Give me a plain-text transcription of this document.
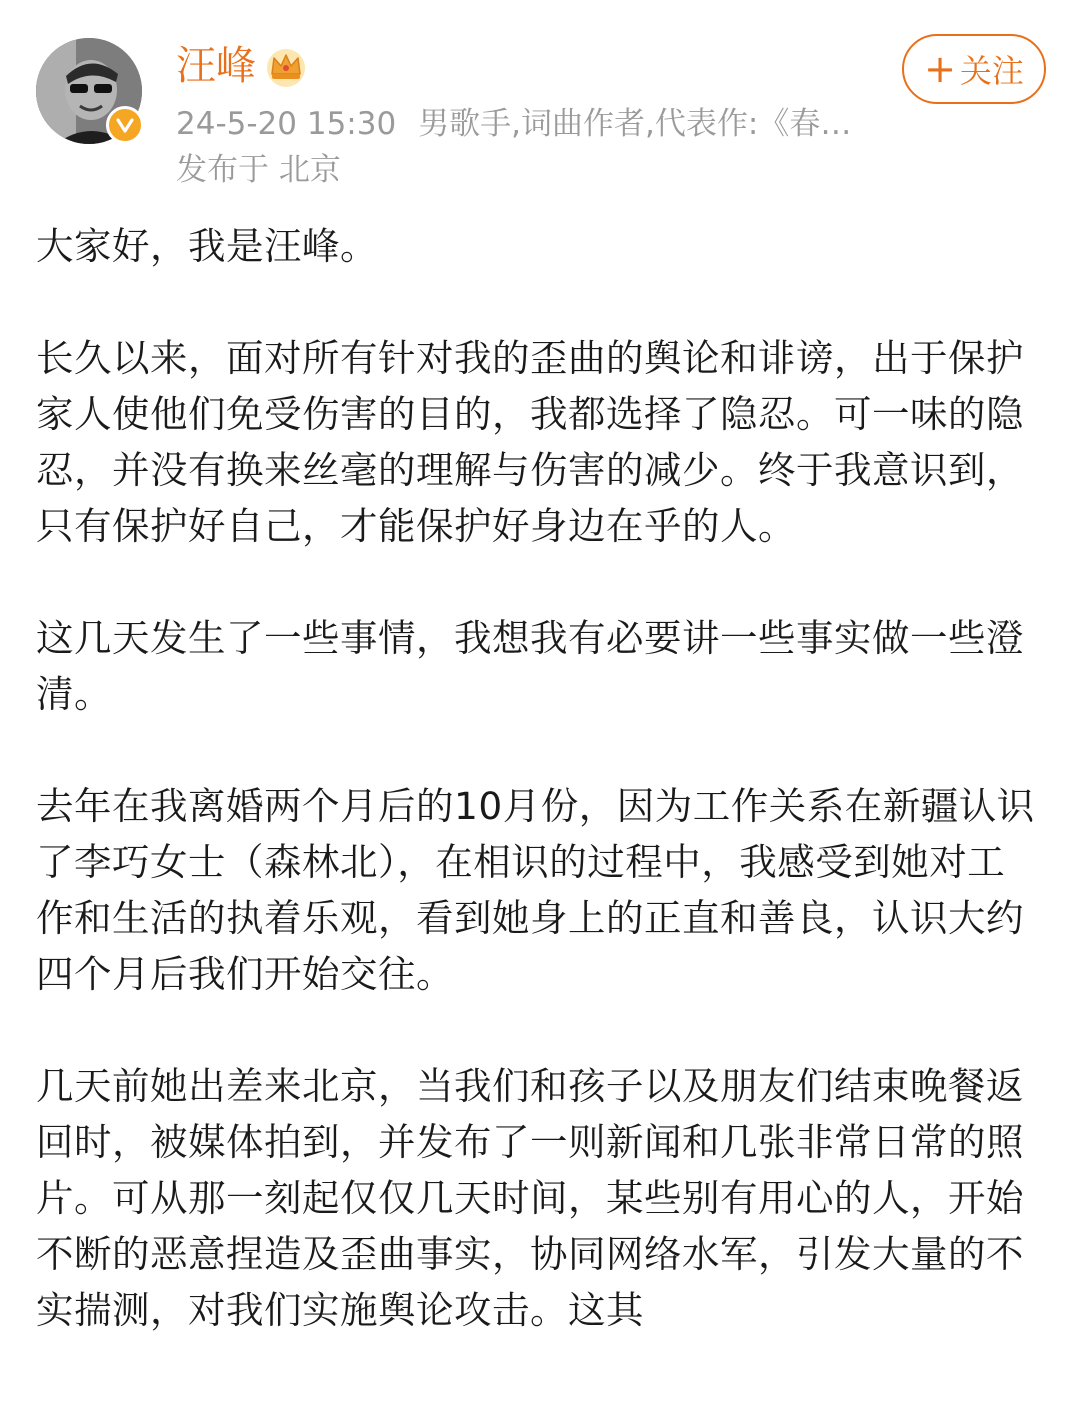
汪峰
24-5-20 15:30 男歌手,词曲作者,代表作:《春…
发布于 北京
+ 关注

大家好，我是汪峰。

长久以来，面对所有针对我的歪曲的舆论和诽谤，出于保护家人使他们免受伤害的目的，我都选择了隐忍。可一味的隐忍，并没有换来丝毫的理解与伤害的减少。终于我意识到，只有保护好自己，才能保护好身边在乎的人。

这几天发生了一些事情，我想我有必要讲一些事实做一些澄清。

去年在我离婚两个月后的10月份，因为工作关系在新疆认识了李巧女士（森林北），在相识的过程中，我感受到她对工作和生活的执着乐观，看到她身上的正直和善良，认识大约四个月后我们开始交往。

几天前她出差来北京，当我们和孩子以及朋友们结束晚餐返回时，被媒体拍到，并发布了一则新闻和几张非常日常的照片。可从那一刻起仅仅几天时间，某些别有用心的人，开始不断的恶意捏造及歪曲事实，协同网络水军，引发大量的不实揣测，对我们实施舆论攻击。这其
